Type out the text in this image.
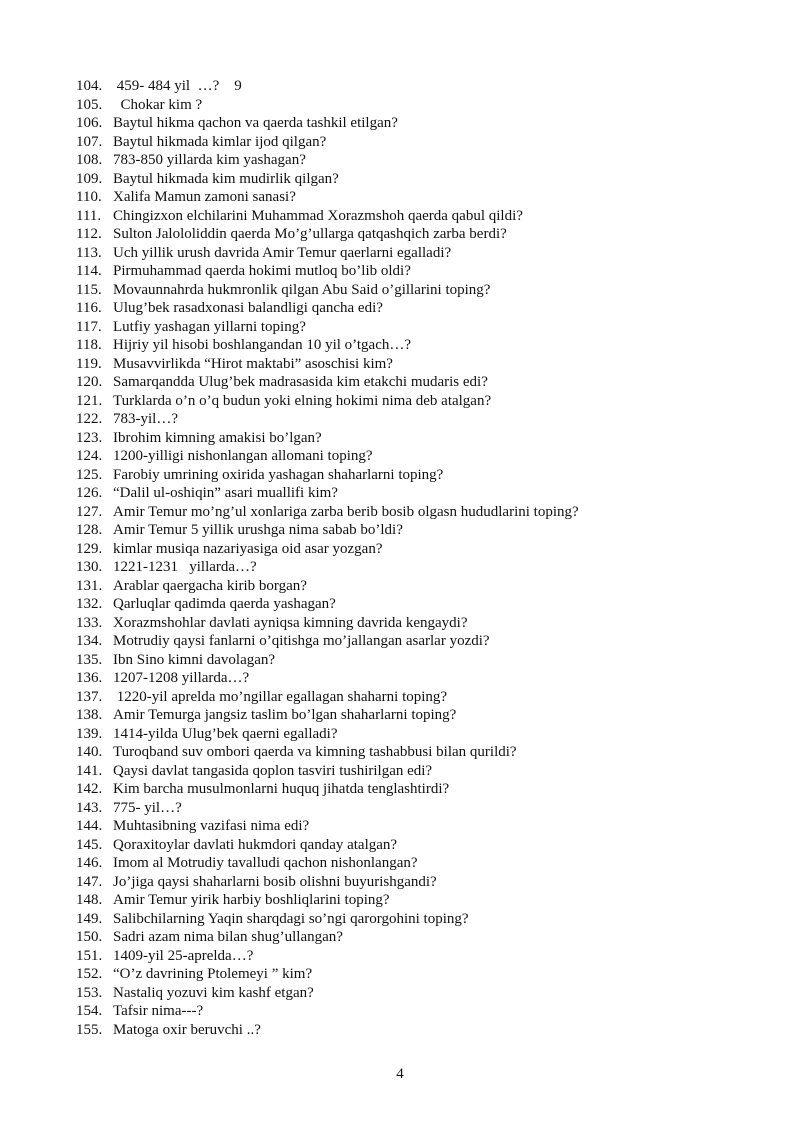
104. 459- 484 yil  …?    9
105. Chokar kim ?
106. Baytul hikma qachon va qaerda tashkil etilgan?
107. Baytul hikmada kimlar ijod qilgan?
108. 783-850 yillarda kim yashagan?
109. Baytul hikmada kim mudirlik qilgan?
110. Xalifa Mamun zamoni sanasi?
111. Chingizxon elchilarini Muhammad Xorazmshoh qaerda qabul qildi?
112. Sulton Jalololiddin qaerda Mo’g’ullarga qatqashqich zarba berdi?
113. Uch yillik urush davrida Amir Temur qaerlarni egalladi?
114. Pirmuhammad qaerda hokimi mutloq bo’lib oldi?
115. Movaunnahrda hukmronlik qilgan Abu Said o’gillarini toping?
116. Ulug’bek rasadxonasi balandligi qancha edi?
117. Lutfiy yashagan yillarni toping?
118. Hijriy yil hisobi boshlangandan 10 yil o’tgach…?
119. Musavvirlikda “Hirot maktabi” asoschisi kim?
120. Samarqandda Ulug’bek madrasasida kim etakchi mudaris edi?
121. Turklarda o’n o’q budun yoki elning hokimi nima deb atalgan?
122. 783-yil…?
123. Ibrohim kimning amakisi bo’lgan?
124. 1200-yilligi nishonlangan allomani toping?
125. Farobiy umrining oxirida yashagan shaharlarni toping?
126. “Dalil ul-oshiqin” asari muallifi kim?
127. Amir Temur mo’ng’ul xonlariga zarba berib bosib olgasn hududlarini toping?
128. Amir Temur 5 yillik urushga nima sabab bo’ldi?
129. kimlar musiqa nazariyasiga oid asar yozgan?
130. 1221-1231   yillarda…?
131. Arablar qaergacha kirib borgan?
132. Qarluqlar qadimda qaerda yashagan?
133. Xorazmshohlar davlati ayniqsa kimning davrida kengaydi?
134. Motrudiy qaysi fanlarni o’qitishga mo’jallangan asarlar yozdi?
135. Ibn Sino kimni davolagan?
136. 1207-1208 yillarda…?
137. 1220-yil aprelda mo’ngillar egallagan shaharni toping?
138. Amir Temurga jangsiz taslim bo’lgan shaharlarni toping?
139. 1414-yilda Ulug’bek qaerni egalladi?
140. Turoqband suv ombori qaerda va kimning tashabbusi bilan qurildi?
141. Qaysi davlat tangasida qoplon tasviri tushirilgan edi?
142. Kim barcha musulmonlarni huquq jihatda tenglashtirdi?
143. 775- yil…?
144. Muhtasibning vazifasi nima edi?
145. Qoraxitoylar davlati hukmdori qanday atalgan?
146. Imom al Motrudiy tavalludi qachon nishonlangan?
147. Jo’jiga qaysi shaharlarni bosib olishni buyurishgandi?
148. Amir Temur yirik harbiy boshliqlarini toping?
149. Salibchilarning Yaqin sharqdagi so’ngi qarorgohini toping?
150. Sadri azam nima bilan shug’ullangan?
151. 1409-yil 25-aprelda…?
152. “O’z davrining Ptolemeyi ” kim?
153. Nastaliq yozuvi kim kashf etgan?
154. Tafsir nima---?
155. Matoga oxir beruvchi ..?
4
